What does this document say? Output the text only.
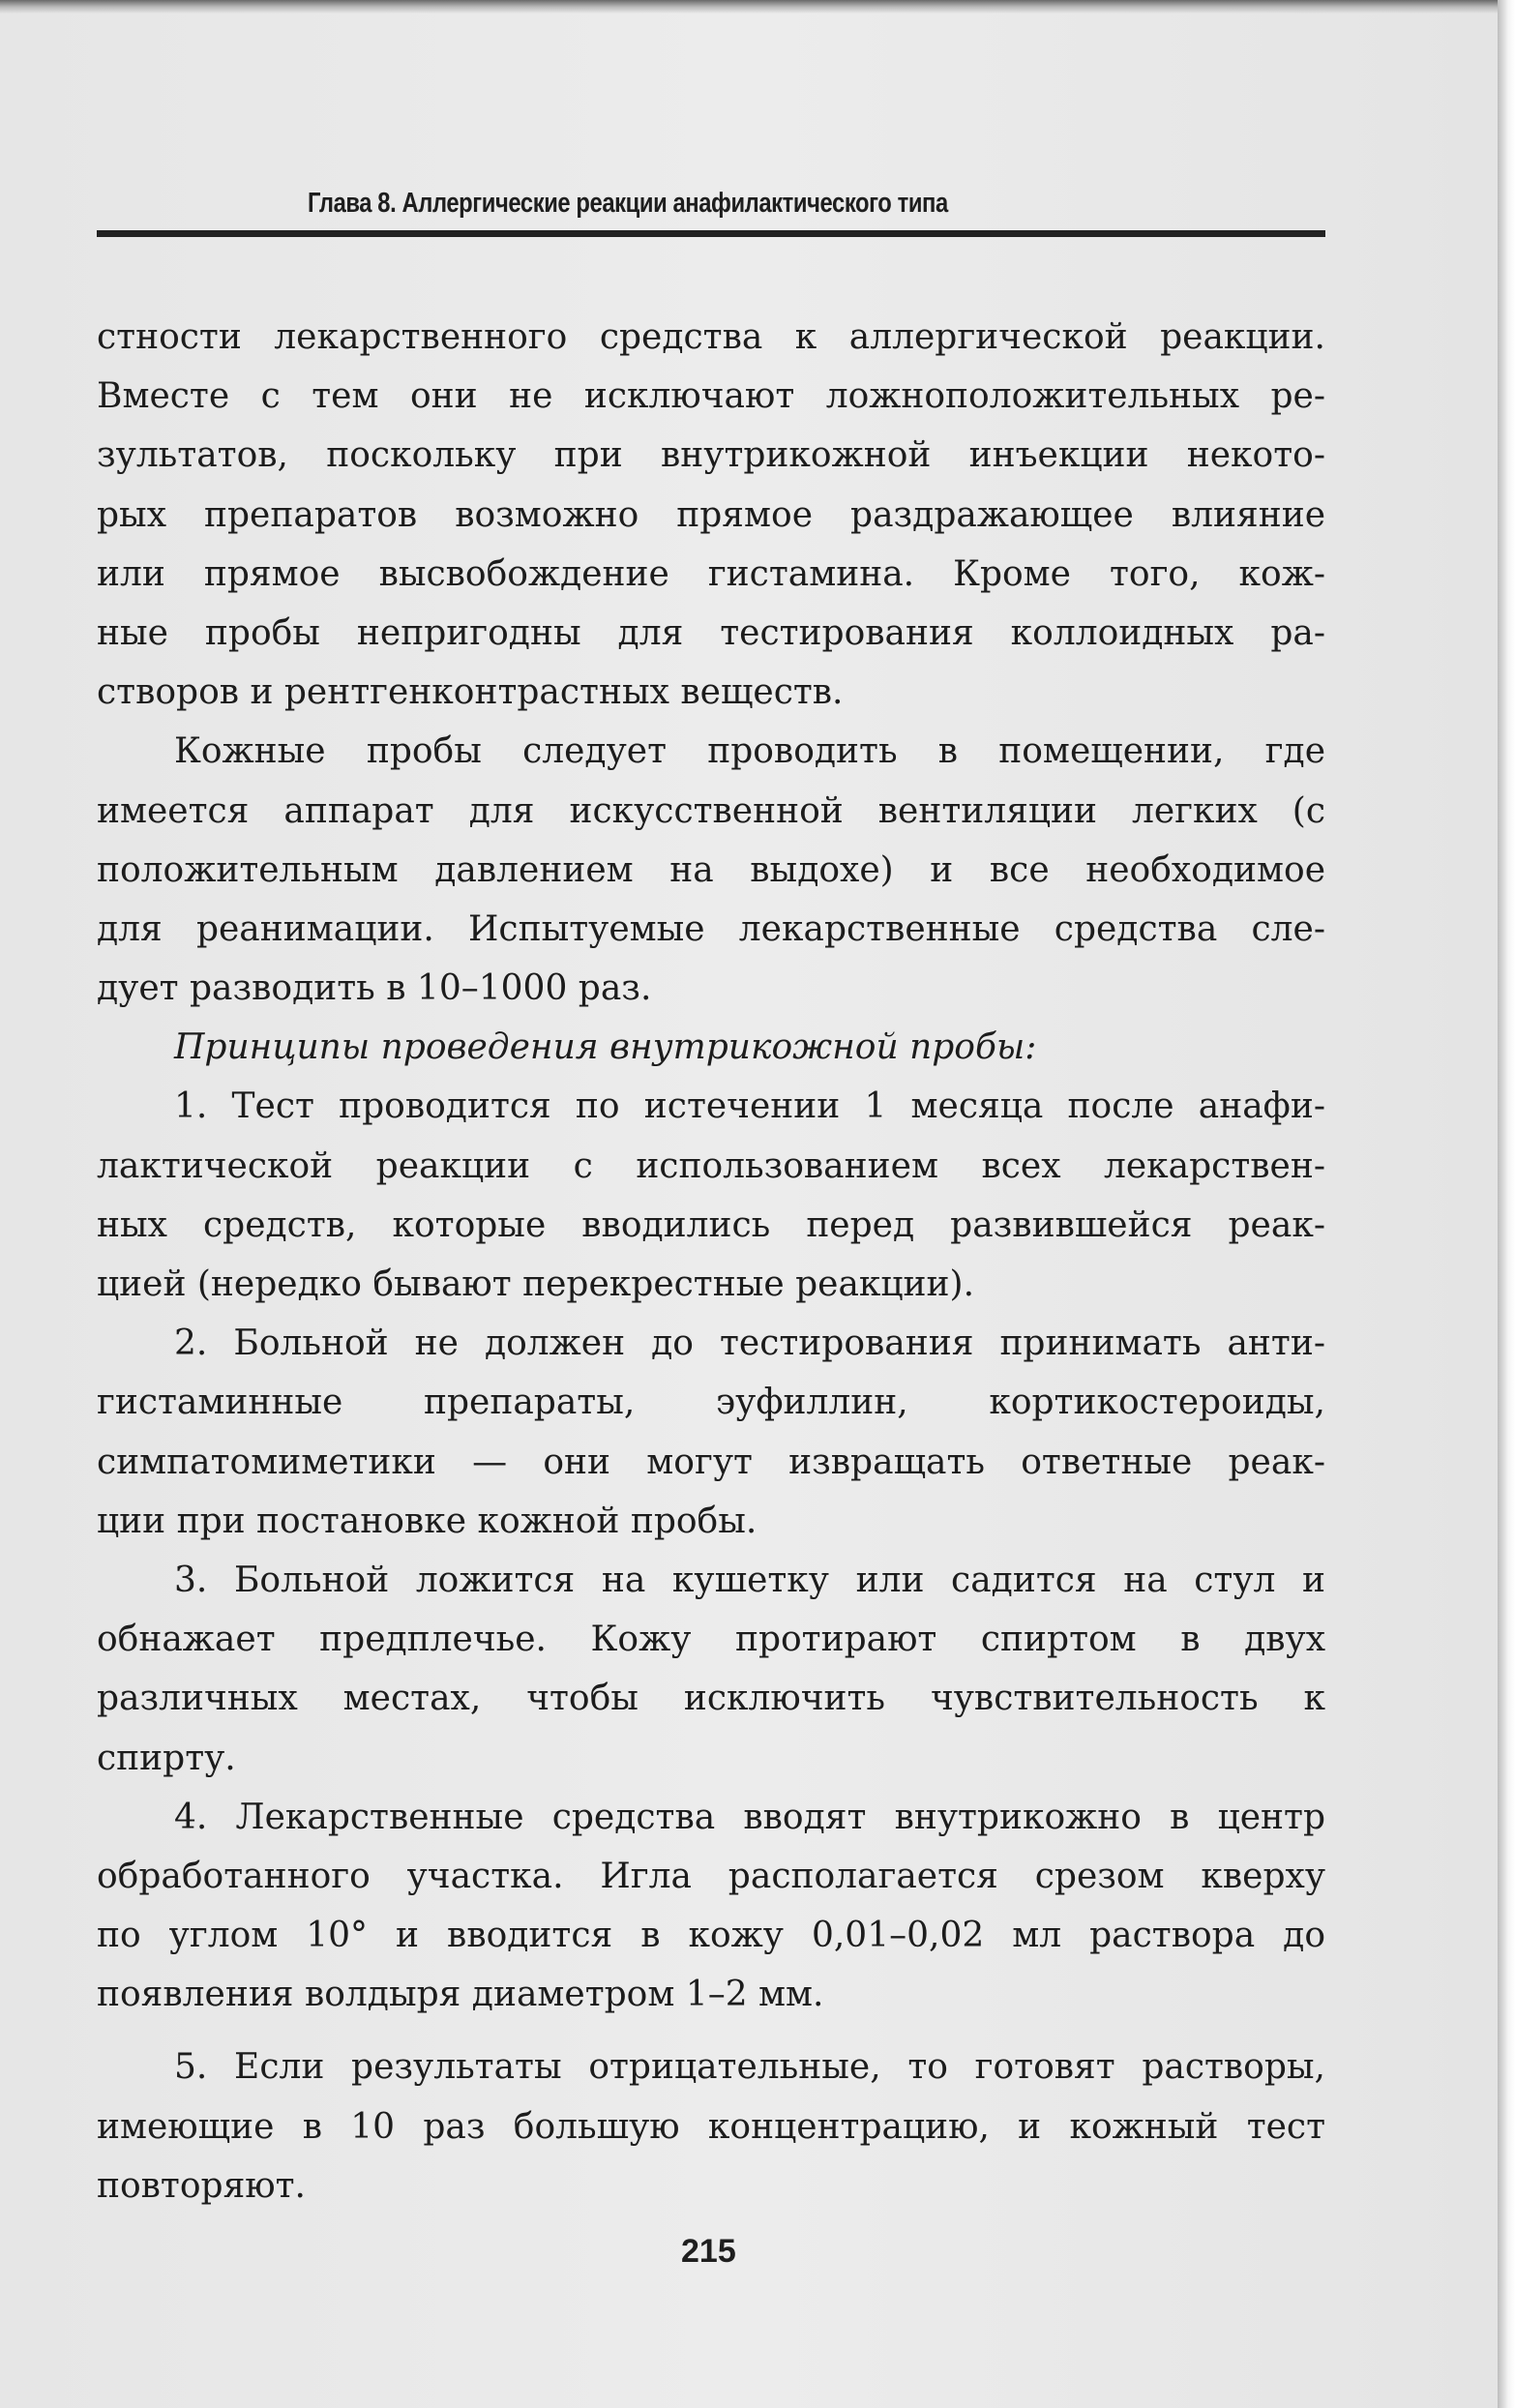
Глава 8. Аллергические реакции анафилактического типа
стности лекарственного средства к аллергической реакции.
Вместе с тем они не исключают ложноположительных ре-
зультатов, поскольку при внутрикожной инъекции некото-
рых препаратов возможно прямое раздражающее влияние
или прямое высвобождение гистамина. Кроме того, кож-
ные пробы непригодны для тестирования коллоидных ра-
створов и рентгенконтрастных веществ.
Кожные пробы следует проводить в помещении, где
имеется аппарат для искусственной вентиляции легких (с
положительным давлением на выдохе) и все необходимое
для реанимации. Испытуемые лекарственные средства сле-
дует разводить в 10–1000 раз.
Принципы проведения внутрикожной пробы:
1. Тест проводится по истечении 1 месяца после анафи-
лактической реакции с использованием всех лекарствен-
ных средств, которые вводились перед развившейся реак-
цией (нередко бывают перекрестные реакции).
2. Больной не должен до тестирования принимать анти-
гистаминные препараты, эуфиллин, кортикостероиды,
симпатомиметики — они могут извращать ответные реак-
ции при постановке кожной пробы.
3. Больной ложится на кушетку или садится на стул и
обнажает предплечье. Кожу протирают спиртом в двух
различных местах, чтобы исключить чувствительность к
спирту.
4. Лекарственные средства вводят внутрикожно в центр
обработанного участка. Игла располагается срезом кверху
по углом 10° и вводится в кожу 0,01–0,02 мл раствора до
появления волдыря диаметром 1–2 мм.
5. Если результаты отрицательные, то готовят растворы,
имеющие в 10 раз большую концентрацию, и кожный тест
повторяют.
215
